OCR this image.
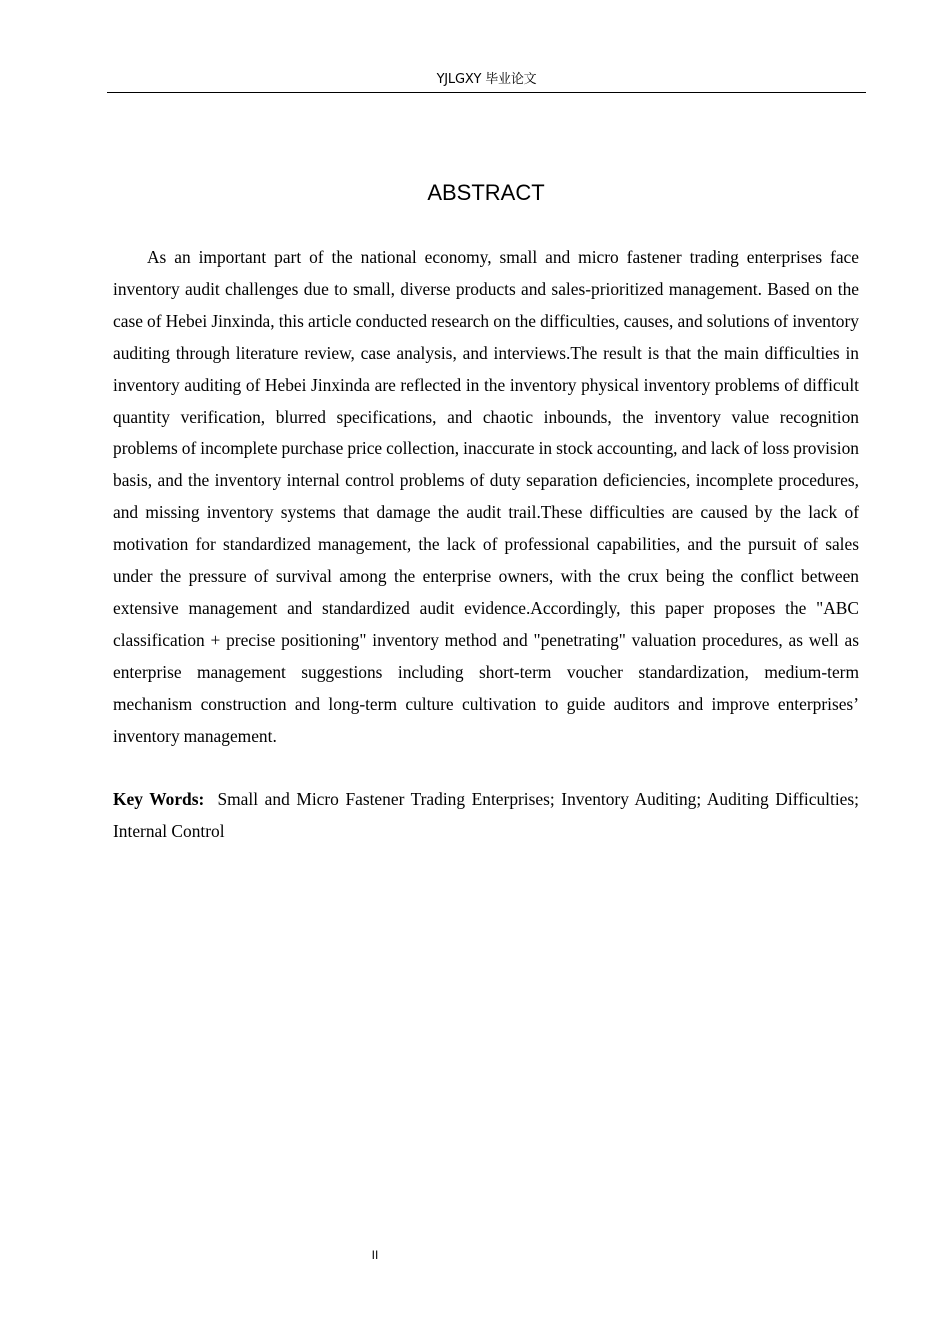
YJLGXY 毕业论文
ABSTRACT

As an important part of the national economy, small and micro fastener trading enterprises face inventory audit challenges due to small, diverse products and sales-prioritized management. Based on the case of Hebei Jinxinda, this article conducted research on the difficulties, causes, and solutions of inventory auditing through literature review, case analysis, and interviews.The result is that the main difficulties in inventory auditing of Hebei Jinxinda are reflected in the inventory physical inventory problems of difficult quantity verification, blurred specifications, and chaotic inbounds, the inventory value recognition problems of incomplete purchase price collection, inaccurate in stock accounting, and lack of loss provision basis, and the inventory internal control problems of duty separation deficiencies, incomplete procedures, and missing inventory systems that damage the audit trail.These difficulties are caused by the lack of motivation for standardized management, the lack of professional capabilities, and the pursuit of sales under the pressure of survival among the enterprise owners, with the crux being the conflict between extensive management and standardized audit evidence.Accordingly, this paper proposes the "ABC classification + precise positioning" inventory method and "penetrating" valuation procedures, as well as enterprise management suggestions including short-term voucher standardization, medium-term mechanism construction and long-term culture cultivation to guide auditors and improve enterprises’ inventory management.

Key Words: Small and Micro Fastener Trading Enterprises; Inventory Auditing; Auditing Difficulties; Internal Control

II
